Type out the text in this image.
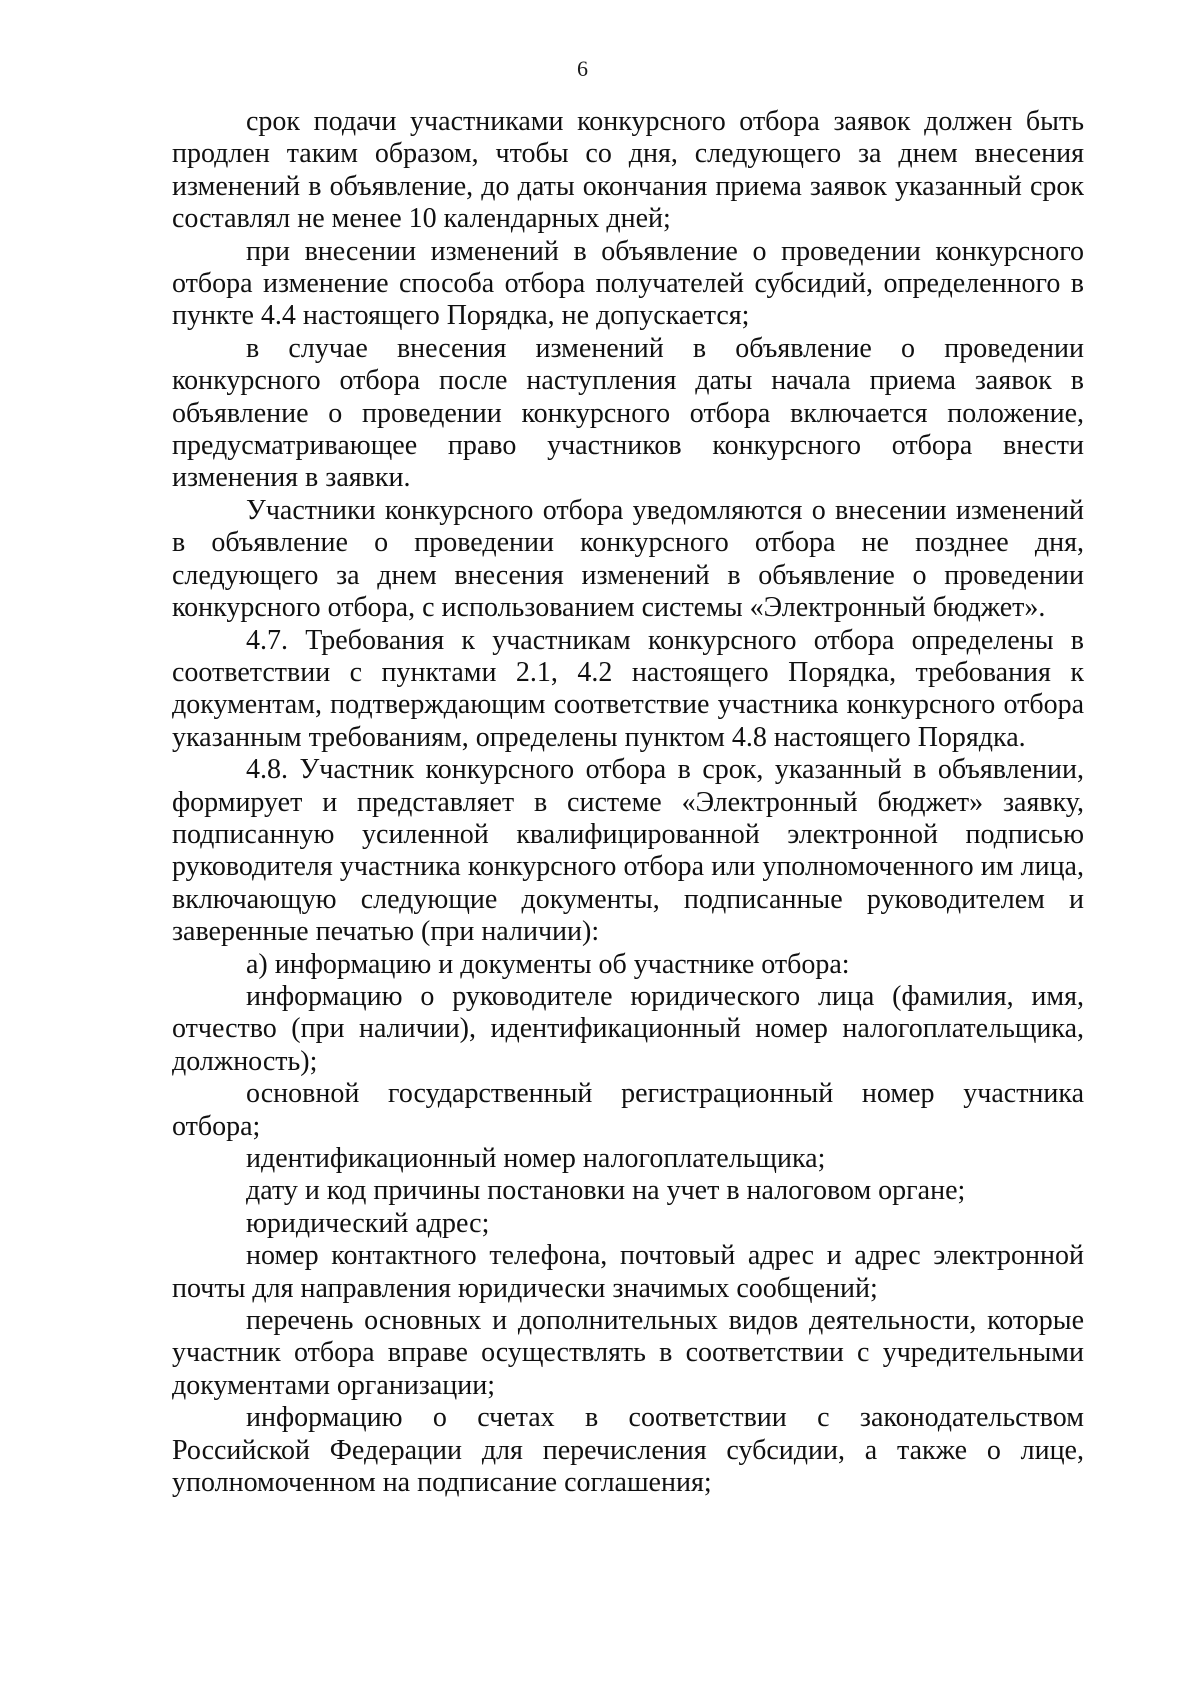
6

срок подачи участниками конкурсного отбора заявок должен быть продлен таким образом, чтобы со дня, следующего за днем внесения изменений в объявление, до даты окончания приема заявок указанный срок составлял не менее 10 календарных дней;

при внесении изменений в объявление о проведении конкурсного отбора изменение способа отбора получателей субсидий, определенного в пункте 4.4 настоящего Порядка, не допускается;

в случае внесения изменений в объявление о проведении конкурсного отбора после наступления даты начала приема заявок в объявление о проведении конкурсного отбора включается положение, предусматривающее право участников конкурсного отбора внести изменения в заявки.

Участники конкурсного отбора уведомляются о внесении изменений в объявление о проведении конкурсного отбора не позднее дня, следующего за днем внесения изменений в объявление о проведении конкурсного отбора, с использованием системы «Электронный бюджет».

4.7. Требования к участникам конкурсного отбора определены в соответствии с пунктами 2.1, 4.2 настоящего Порядка, требования к документам, подтверждающим соответствие участника конкурсного отбора указанным требованиям, определены пунктом 4.8 настоящего Порядка.

4.8. Участник конкурсного отбора в срок, указанный в объявлении, формирует и представляет в системе «Электронный бюджет» заявку, подписанную усиленной квалифицированной электронной подписью руководителя участника конкурсного отбора или уполномоченного им лица, включающую следующие документы, подписанные руководителем и заверенные печатью (при наличии):

а) информацию и документы об участнике отбора:

информацию о руководителе юридического лица (фамилия, имя, отчество (при наличии), идентификационный номер налогоплательщика, должность);

основной государственный регистрационный номер участника отбора;

идентификационный номер налогоплательщика;

дату и код причины постановки на учет в налоговом органе;

юридический адрес;

номер контактного телефона, почтовый адрес и адрес электронной почты для направления юридически значимых сообщений;

перечень основных и дополнительных видов деятельности, которые участник отбора вправе осуществлять в соответствии с учредительными документами организации;

информацию о счетах в соответствии с законодательством Российской Федерации для перечисления субсидии, а также о лице, уполномоченном на подписание соглашения;
